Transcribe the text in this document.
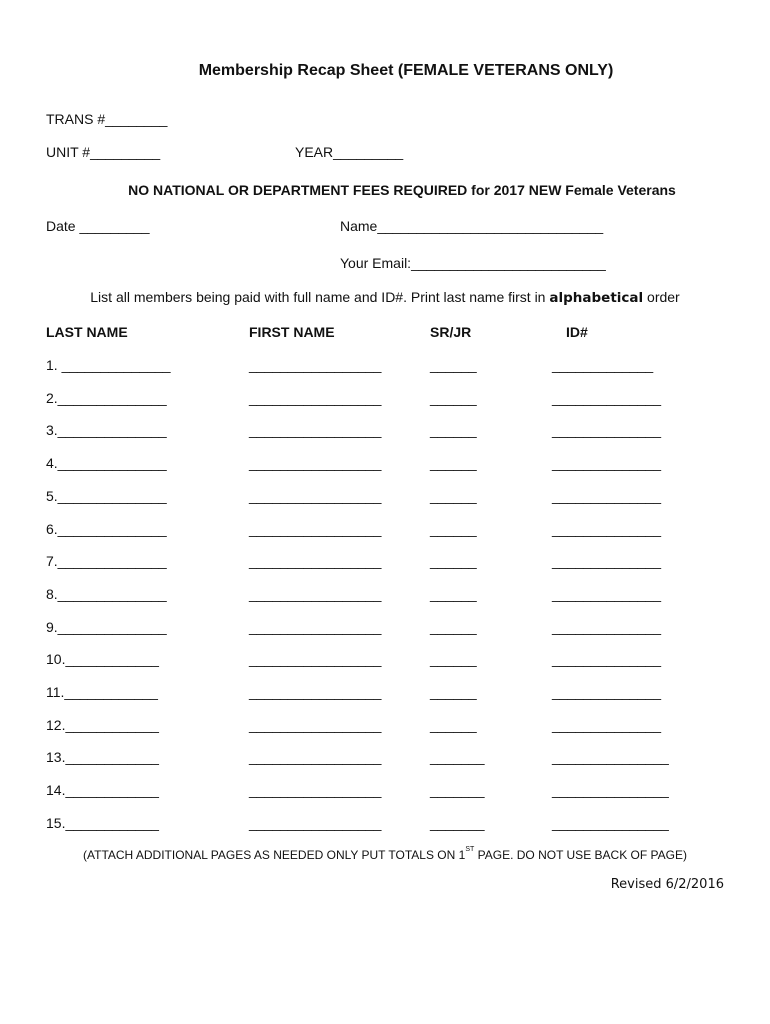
Membership Recap Sheet (FEMALE VETERANS ONLY)
TRANS #________
UNIT #_________	YEAR_________
NO NATIONAL OR DEPARTMENT FEES REQUIRED for 2017 NEW Female Veterans
Date _________	Name_____________________________
Your Email:_________________________
List all members being paid with full name and ID#. Print last name first in alphabetical order
LAST NAME	FIRST NAME	SR/JR	ID#
1. ______________	_________________	______	_____________
2.______________	_________________	______	______________
3.______________	_________________	______	______________
4.______________	_________________	______	______________
5.______________	_________________	______	______________
6.______________	_________________	______	______________
7.______________	_________________	______	______________
8.______________	_________________	______	______________
9.______________	_________________	______	______________
10.____________	_________________	______	______________
11.____________	_________________	______	______________
12.____________	_________________	______	______________
13.____________	_________________	_______	_______________
14.____________	_________________	_______	_______________
15.____________	_________________	_______	_______________
(ATTACH ADDITIONAL PAGES AS NEEDED ONLY PUT TOTALS ON 1ST PAGE. DO NOT USE BACK OF PAGE)
Revised 6/2/2016
